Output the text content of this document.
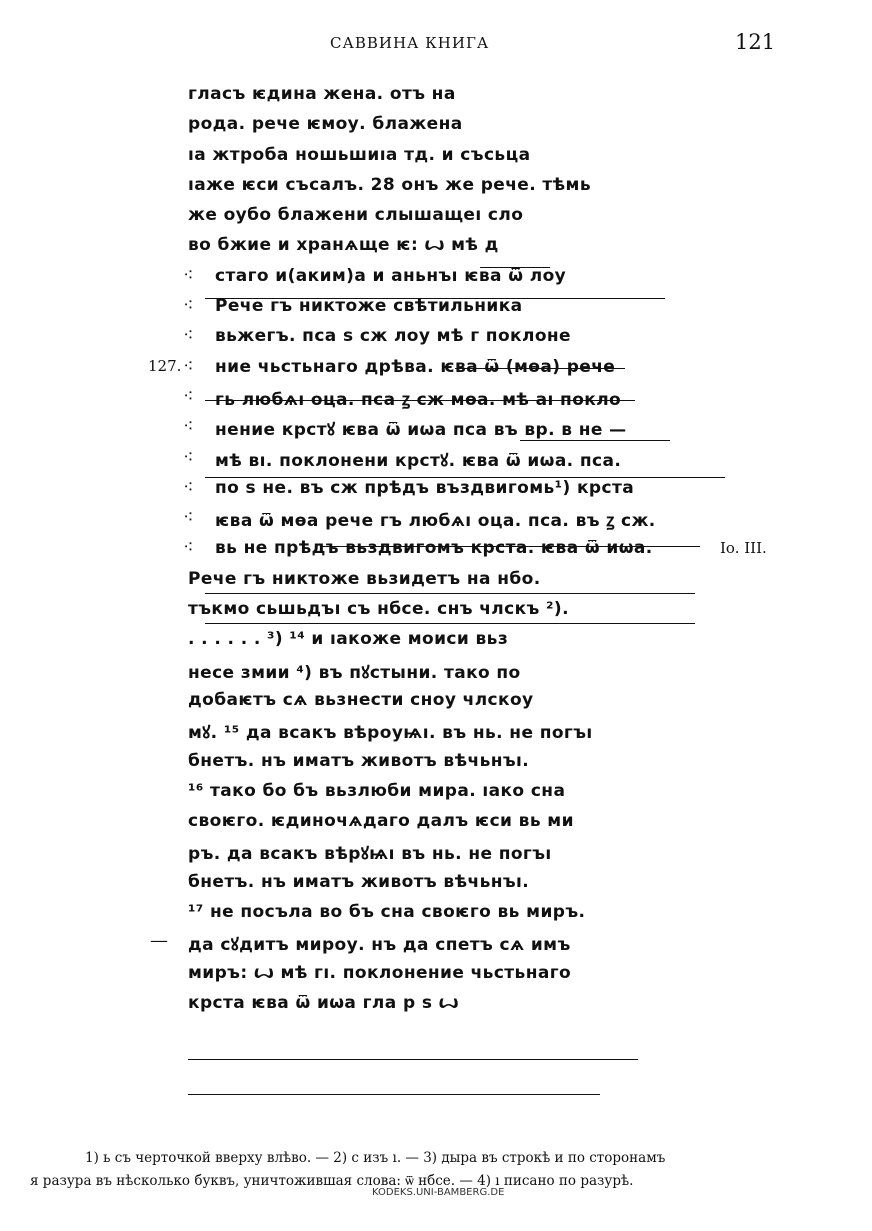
САВВИНА КНИГА	121
гласъ ѥдина жена. отъ на
рода. рече ѥмоу. блажена
ıа жтроба ношьшиıа тд. и съсьца
ıаже ѥси съсалъ. 28 онъ же рече. тѣмь
же оубо блажени слышащеı сло
во бжие и хранѧще ѥ: ꙍ мѣ д
⁖ стаго и(аким)а и аньнъı ѥва ѿ лоу
⁖ Рече гъ никтоже свѣтильника
⁖ вьжегъ. пса ѕ сж лоу мѣ г поклоне
127. ⁖ ние чьстьнаго дрѣва. ѥва ѿ (мѳа) рече
⁖ гь любѧı оца. пса ꙁ сж мѳа. мѣ аı покло
⁖ нение крстꙋ ѥва ѿ иѡа пса въ вр. в не —
⁖ мѣ вı. поклонени крстꙋ. ѥва ѿ иѡа. пса.
⁖ по ѕ не. въ сж прѣдъ въздвигомь¹) крста
⁖ ѥва ѿ мѳа рече гъ любѧı оца. пса. въ ꙁ сж.
⁖ вь не прѣдъ вьздвигомъ крста. ѥва ѿ иѡа.	Io. III.
Рече гъ никтоже вьзидетъ на нбо.
тъкмо сьшьдъı съ нбсе. снъ члскъ ²).
. . . . . . ³) ¹⁴ и ıакоже моиси вьз
несе змии ⁴) въ пꙋстыни. тако по
добаѥтъ сѧ вьзнести сноу члскоу
мꙋ. ¹⁵ да всакъ вѣроуѩı. въ нь. не погъı
бнетъ. нъ иматъ животъ вѣчьнъı.
¹⁶ тако бо бъ вьзлюби мира. ıако сна
своѥго. ѥдиночѧдаго далъ ѥси вь ми
ръ. да всакъ вѣрꙋѩı въ нь. не погъı
бнетъ. нъ иматъ животъ вѣчьнъı.
¹⁷ не посъла во бъ сна своѥго вь миръ.
— да сꙋдитъ мироу. нъ да спетъ сѧ имъ
миръ: ꙍ мѣ гı. поклонение чьстьнаго
крста ѥва ѿ иѡа гла р ѕ ꙍ
1) ь съ черточкой вверху влѣво. — 2) с изъ ı. — 3) дыра въ строкѣ и по сторонамъ
я разура въ нѣсколько буквъ, уничтожившая слова: ѿ нбсе. — 4) ı писано по разурѣ.
KODEKS.UNI-BAMBERG.DE
